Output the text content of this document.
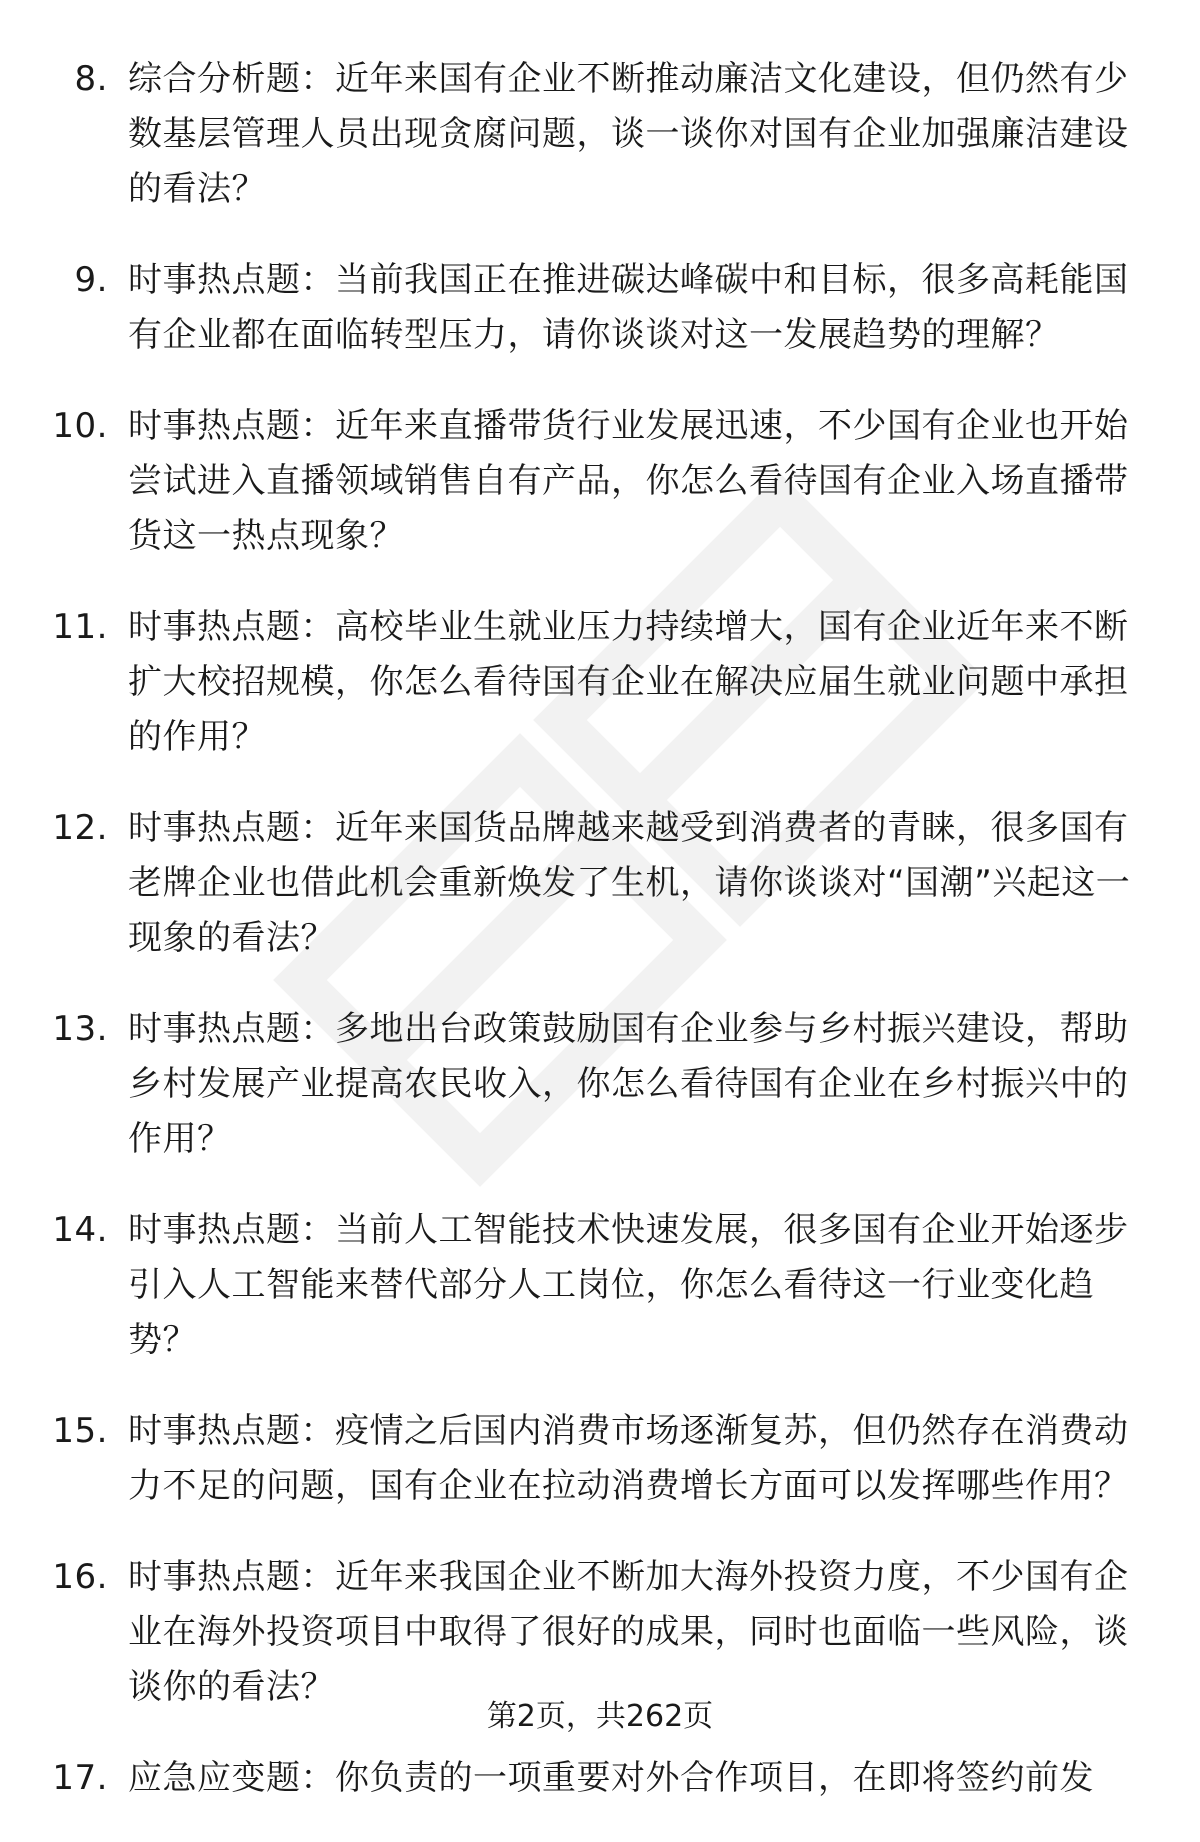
8. 综合分析题：近年来国有企业不断推动廉洁文化建设，但仍然有少数基层管理人员出现贪腐问题，谈一谈你对国有企业加强廉洁建设的看法？
9. 时事热点题：当前我国正在推进碳达峰碳中和目标，很多高耗能国有企业都在面临转型压力，请你谈谈对这一发展趋势的理解？
10. 时事热点题：近年来直播带货行业发展迅速，不少国有企业也开始尝试进入直播领域销售自有产品，你怎么看待国有企业入场直播带货这一热点现象？
11. 时事热点题：高校毕业生就业压力持续增大，国有企业近年来不断扩大校招规模，你怎么看待国有企业在解决应届生就业问题中承担的作用？
12. 时事热点题：近年来国货品牌越来越受到消费者的青睐，很多国有老牌企业也借此机会重新焕发了生机，请你谈谈对“国潮”兴起这一现象的看法？
13. 时事热点题：多地出台政策鼓励国有企业参与乡村振兴建设，帮助乡村发展产业提高农民收入，你怎么看待国有企业在乡村振兴中的作用？
14. 时事热点题：当前人工智能技术快速发展，很多国有企业开始逐步引入人工智能来替代部分人工岗位，你怎么看待这一行业变化趋势？
15. 时事热点题：疫情之后国内消费市场逐渐复苏，但仍然存在消费动力不足的问题，国有企业在拉动消费增长方面可以发挥哪些作用？
16. 时事热点题：近年来我国企业不断加大海外投资力度，不少国有企业在海外投资项目中取得了很好的成果，同时也面临一些风险，谈谈你的看法？
17. 应急应变题：你负责的一项重要对外合作项目，在即将签约前发
第2页，共262页
